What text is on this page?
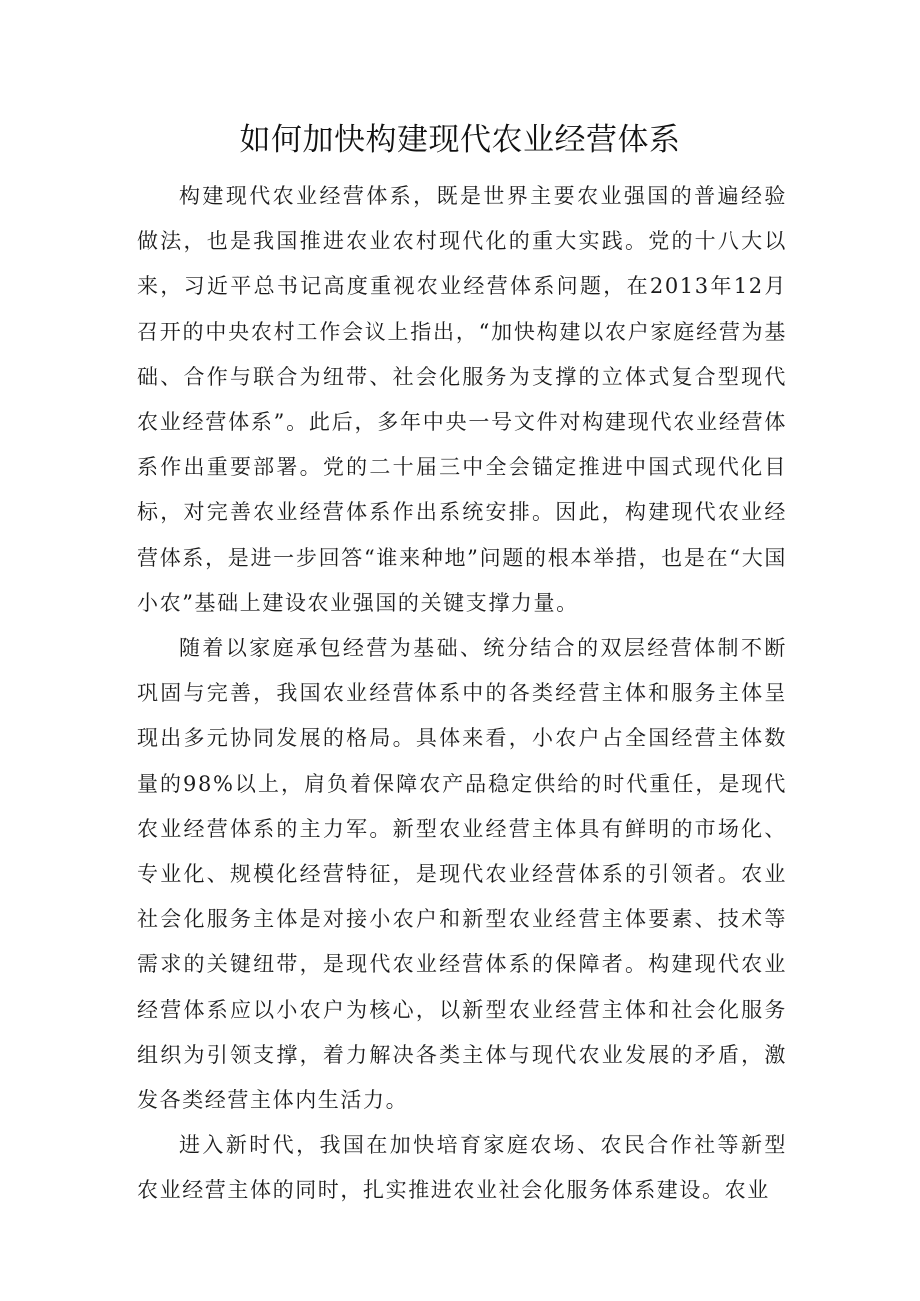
如何加快构建现代农业经营体系

构建现代农业经营体系，既是世界主要农业强国的普遍经验做法，也是我国推进农业农村现代化的重大实践。党的十八大以来，习近平总书记高度重视农业经营体系问题，在2013年12月召开的中央农村工作会议上指出，“加快构建以农户家庭经营为基础、合作与联合为纽带、社会化服务为支撑的立体式复合型现代农业经营体系”。此后，多年中央一号文件对构建现代农业经营体系作出重要部署。党的二十届三中全会锚定推进中国式现代化目标，对完善农业经营体系作出系统安排。因此，构建现代农业经营体系，是进一步回答“谁来种地”问题的根本举措，也是在“大国小农”基础上建设农业强国的关键支撑力量。

随着以家庭承包经营为基础、统分结合的双层经营体制不断巩固与完善，我国农业经营体系中的各类经营主体和服务主体呈现出多元协同发展的格局。具体来看，小农户占全国经营主体数量的98%以上，肩负着保障农产品稳定供给的时代重任，是现代农业经营体系的主力军。新型农业经营主体具有鲜明的市场化、专业化、规模化经营特征，是现代农业经营体系的引领者。农业社会化服务主体是对接小农户和新型农业经营主体要素、技术等需求的关键纽带，是现代农业经营体系的保障者。构建现代农业经营体系应以小农户为核心，以新型农业经营主体和社会化服务组织为引领支撑，着力解决各类主体与现代农业发展的矛盾，激发各类经营主体内生活力。

进入新时代，我国在加快培育家庭农场、农民合作社等新型农业经营主体的同时，扎实推进农业社会化服务体系建设。农业
